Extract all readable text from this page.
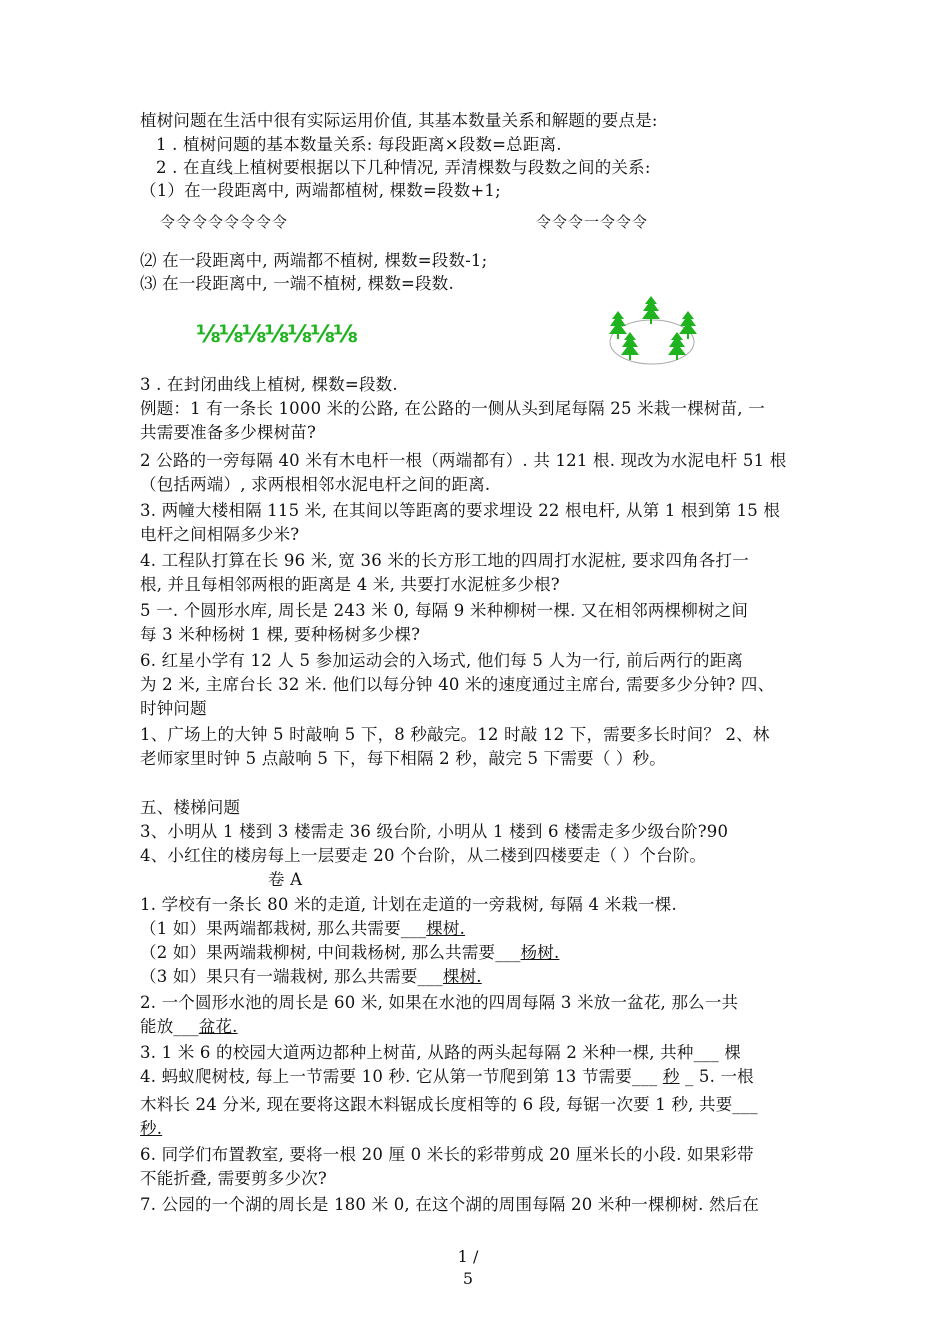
植树问题在生活中很有实际运用价值, 其基本数量关系和解题的要点是:
1 . 植树问题的基本数量关系: 每段距离×段数=总距离.
2 . 在直线上植树要根据以下几种情况, 弄清棵数与段数之间的关系:
（1）在一段距离中, 两端都植树, 棵数=段数+1;
令令令令令令令令	令令令一令令令
⑵ 在一段距离中, 两端都不植树, 棵数=段数-1;
⑶ 在一段距离中, 一端不植树, 棵数=段数.
⅛⅛⅛⅛⅛⅛⅛
3 . 在封闭曲线上植树, 棵数=段数.
例题：1 有一条长 1000 米的公路, 在公路的一侧从头到尾每隔 25 米栽一棵树苗, 一
共需要准备多少棵树苗?
2 公路的一旁每隔 40 米有木电杆一根（两端都有）. 共 121 根. 现改为水泥电杆 51 根
（包括两端）, 求两根相邻水泥电杆之间的距离.
3. 两幢大楼相隔 115 米, 在其间以等距离的要求埋设 22 根电杆, 从第 1 根到第 15 根
电杆之间相隔多少米?
4. 工程队打算在长 96 米, 宽 36 米的长方形工地的四周打水泥桩, 要求四角各打一
根, 并且每相邻两根的距离是 4 米, 共要打水泥桩多少根?
5 一. 个圆形水库, 周长是 243 米 0, 每隔 9 米种柳树一棵. 又在相邻两棵柳树之间
每 3 米种杨树 1 棵, 要种杨树多少棵?
6. 红星小学有 12 人 5 参加运动会的入场式, 他们每 5 人为一行, 前后两行的距离
为 2 米, 主席台长 32 米. 他们以每分钟 40 米的速度通过主席台, 需要多少分钟? 四、
时钟问题
1、广场上的大钟 5 时敲响 5 下，8 秒敲完。12 时敲 12 下，需要多长时间？ 2、林
老师家里时钟 5 点敲响 5 下，每下相隔 2 秒，敲完 5 下需要（ ）秒。
五、楼梯问题
3、小明从 1 楼到 3 楼需走 36 级台阶, 小明从 1 楼到 6 楼需走多少级台阶?90
4、小红住的楼房每上一层要走 20 个台阶，从二楼到四楼要走（ ）个台阶。
卷 A
1. 学校有一条长 80 米的走道, 计划在走道的一旁栽树, 每隔 4 米栽一棵.
（1 如）果两端都栽树, 那么共需要___棵树.
（2 如）果两端栽柳树, 中间栽杨树, 那么共需要___杨树.
（3 如）果只有一端栽树, 那么共需要___棵树.
2. 一个圆形水池的周长是 60 米, 如果在水池的四周每隔 3 米放一盆花, 那么一共
能放___盆花.
3. 1 米 6 的校园大道两边都种上树苗, 从路的两头起每隔 2 米种一棵, 共种___ 棵
4. 蚂蚁爬树枝, 每上一节需要 10 秒. 它从第一节爬到第 13 节需要___ 秒 _ 5. 一根
木料长 24 分米, 现在要将这跟木料锯成长度相等的 6 段, 每锯一次要 1 秒, 共要___
秒.
6. 同学们布置教室, 要将一根 20 厘 0 米长的彩带剪成 20 厘米长的小段. 如果彩带
不能折叠, 需要剪多少次?
7. 公园的一个湖的周长是 180 米 0, 在这个湖的周围每隔 20 米种一棵柳树. 然后在
1 /
5
